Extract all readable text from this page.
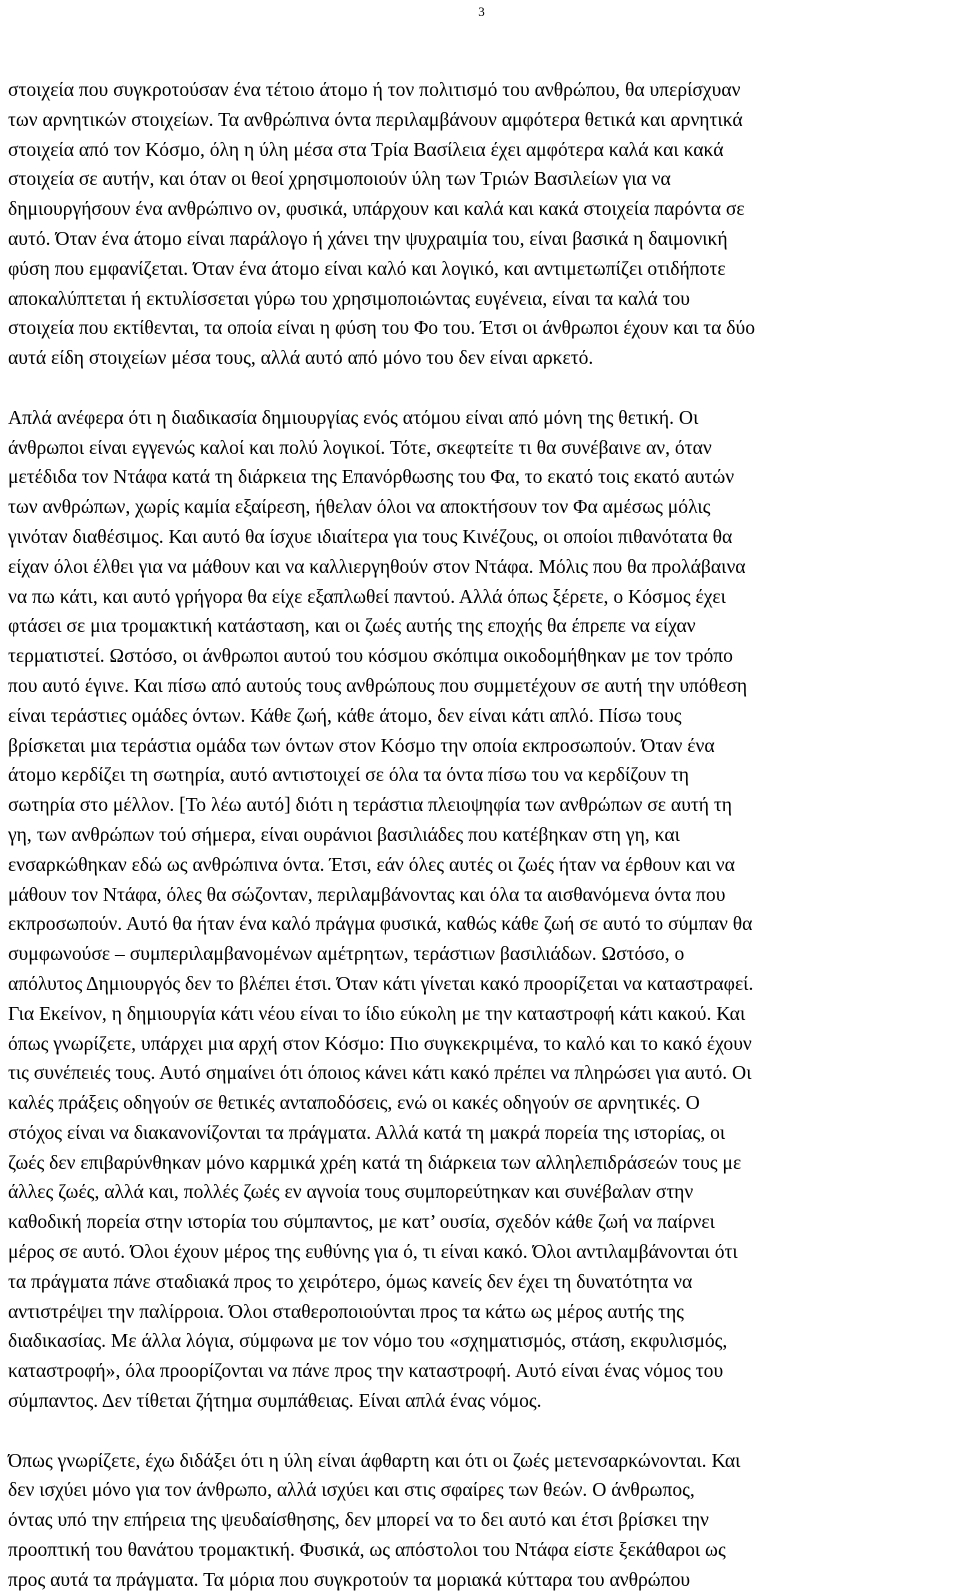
3

στοιχεία που συγκροτούσαν ένα τέτοιο άτομο ή τον πολιτισμό του ανθρώπου, θα υπερίσχυαν
των αρνητικών στοιχείων. Τα ανθρώπινα όντα περιλαμβάνουν αμφότερα θετικά και αρνητικά
στοιχεία από τον Κόσμο, όλη η ύλη μέσα στα Τρία Βασίλεια έχει αμφότερα καλά και κακά
στοιχεία σε αυτήν, και όταν οι θεοί χρησιμοποιούν ύλη των Τριών Βασιλείων για να
δημιουργήσουν ένα ανθρώπινο ον, φυσικά, υπάρχουν και καλά και κακά στοιχεία παρόντα σε
αυτό. Όταν ένα άτομο είναι παράλογο ή χάνει την ψυχραιμία του, είναι βασικά η δαιμονική
φύση που εμφανίζεται. Όταν ένα άτομο είναι καλό και λογικό, και αντιμετωπίζει οτιδήποτε
αποκαλύπτεται ή εκτυλίσσεται γύρω του χρησιμοποιώντας ευγένεια, είναι τα καλά του
στοιχεία που εκτίθενται, τα οποία είναι η φύση του Φο του. Έτσι οι άνθρωποι έχουν και τα δύο
αυτά είδη στοιχείων μέσα τους, αλλά αυτό από μόνο του δεν είναι αρκετό.

Απλά ανέφερα ότι η διαδικασία δημιουργίας ενός ατόμου είναι από μόνη της θετική. Οι
άνθρωποι είναι εγγενώς καλοί και πολύ λογικοί. Τότε, σκεφτείτε τι θα συνέβαινε αν, όταν
μετέδιδα τον Ντάφα κατά τη διάρκεια της Επανόρθωσης του Φα, το εκατό τοις εκατό αυτών
των ανθρώπων, χωρίς καμία εξαίρεση, ήθελαν όλοι να αποκτήσουν τον Φα αμέσως μόλις
γινόταν διαθέσιμος. Και αυτό θα ίσχυε ιδιαίτερα για τους Κινέζους, οι οποίοι πιθανότατα θα
είχαν όλοι έλθει για να μάθουν και να καλλιεργηθούν στον Ντάφα. Μόλις που θα προλάβαινα
να πω κάτι, και αυτό γρήγορα θα είχε εξαπλωθεί παντού. Αλλά όπως ξέρετε, ο Κόσμος έχει
φτάσει σε μια τρομακτική κατάσταση, και οι ζωές αυτής της εποχής θα έπρεπε να είχαν
τερματιστεί. Ωστόσο, οι άνθρωποι αυτού του κόσμου σκόπιμα οικοδομήθηκαν με τον τρόπο
που αυτό έγινε. Και πίσω από αυτούς τους ανθρώπους που συμμετέχουν σε αυτή την υπόθεση
είναι τεράστιες ομάδες όντων. Κάθε ζωή, κάθε άτομο, δεν είναι κάτι απλό. Πίσω τους
βρίσκεται μια τεράστια ομάδα των όντων στον Κόσμο την οποία εκπροσωπούν. Όταν ένα
άτομο κερδίζει τη σωτηρία, αυτό αντιστοιχεί σε όλα τα όντα πίσω του να κερδίζουν τη
σωτηρία στο μέλλον. [Το λέω αυτό] διότι η τεράστια πλειοψηφία των ανθρώπων σε αυτή τη
γη, των ανθρώπων τού σήμερα, είναι ουράνιοι βασιλιάδες που κατέβηκαν στη γη, και
ενσαρκώθηκαν εδώ ως ανθρώπινα όντα. Έτσι, εάν όλες αυτές οι ζωές ήταν να έρθουν και να
μάθουν τον Ντάφα, όλες θα σώζονταν, περιλαμβάνοντας και όλα τα αισθανόμενα όντα που
εκπροσωπούν. Αυτό θα ήταν ένα καλό πράγμα φυσικά, καθώς κάθε ζωή σε αυτό το σύμπαν θα
συμφωνούσε – συμπεριλαμβανομένων αμέτρητων, τεράστιων βασιλιάδων. Ωστόσο, ο
απόλυτος Δημιουργός δεν το βλέπει έτσι. Όταν κάτι γίνεται κακό προορίζεται να καταστραφεί.
Για Εκείνον, η δημιουργία κάτι νέου είναι το ίδιο εύκολη με την καταστροφή κάτι κακού. Και
όπως γνωρίζετε, υπάρχει μια αρχή στον Κόσμο: Πιο συγκεκριμένα, το καλό και το κακό έχουν
τις συνέπειές τους. Αυτό σημαίνει ότι όποιος κάνει κάτι κακό πρέπει να πληρώσει για αυτό. Οι
καλές πράξεις οδηγούν σε θετικές ανταποδόσεις, ενώ οι κακές οδηγούν σε αρνητικές. Ο
στόχος είναι να διακανονίζονται τα πράγματα. Αλλά κατά τη μακρά πορεία της ιστορίας, οι
ζωές δεν επιβαρύνθηκαν μόνο καρμικά χρέη κατά τη διάρκεια των αλληλεπιδράσεών τους με
άλλες ζωές, αλλά και, πολλές ζωές εν αγνοία τους συμπορεύτηκαν και συνέβαλαν στην
καθοδική πορεία στην ιστορία του σύμπαντος, με κατ’ ουσία, σχεδόν κάθε ζωή να παίρνει
μέρος σε αυτό. Όλοι έχουν μέρος της ευθύνης για ό, τι είναι κακό. Όλοι αντιλαμβάνονται ότι
τα πράγματα πάνε σταδιακά προς το χειρότερο, όμως κανείς δεν έχει τη δυνατότητα να
αντιστρέψει την παλίρροια. Όλοι σταθεροποιούνται προς τα κάτω ως μέρος αυτής της
διαδικασίας. Με άλλα λόγια, σύμφωνα με τον νόμο του «σχηματισμός, στάση, εκφυλισμός,
καταστροφή», όλα προορίζονται να πάνε προς την καταστροφή. Αυτό είναι ένας νόμος του
σύμπαντος. Δεν τίθεται ζήτημα συμπάθειας. Είναι απλά ένας νόμος.

Όπως γνωρίζετε, έχω διδάξει ότι η ύλη είναι άφθαρτη και ότι οι ζωές μετενσαρκώνονται. Και
δεν ισχύει μόνο για τον άνθρωπο, αλλά ισχύει και στις σφαίρες των θεών. Ο άνθρωπος,
όντας υπό την επήρεια της ψευδαίσθησης, δεν μπορεί να το δει αυτό και έτσι βρίσκει την
προοπτική του θανάτου τρομακτική. Φυσικά, ως απόστολοι του Ντάφα είστε ξεκάθαροι ως
προς αυτά τα πράγματα. Τα μόρια που συγκροτούν τα μοριακά κύτταρα του ανθρώπου
